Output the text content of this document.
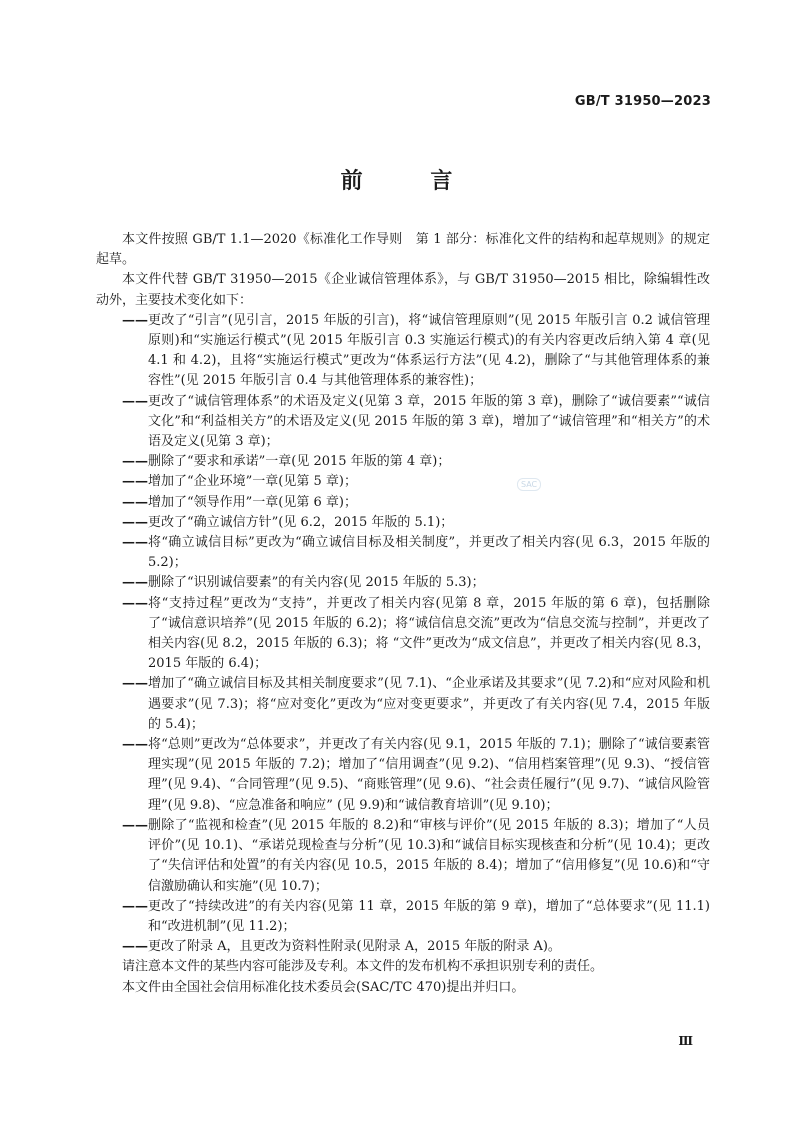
GB/T 31950—2023
前 言

本文件按照 GB/T 1.1—2020《标准化工作导则　第 1 部分：标准化文件的结构和起草规则》的规定起草。

本文件代替 GB/T 31950—2015《企业诚信管理体系》，与 GB/T 31950—2015 相比，除编辑性改动外，主要技术变化如下：

—— 更改了“引言”(见引言，2015 年版的引言)，将“诚信管理原则”(见 2015 年版引言 0.2 诚信管理原则)和“实施运行模式”(见 2015 年版引言 0.3 实施运行模式)的有关内容更改后纳入第 4 章(见 4.1 和 4.2)，且将“实施运行模式”更改为“体系运行方法”(见 4.2)，删除了“与其他管理体系的兼容性”(见 2015 年版引言 0.4 与其他管理体系的兼容性)；

—— 更改了“诚信管理体系”的术语及定义(见第 3 章，2015 年版的第 3 章)，删除了“诚信要素”“诚信文化”和“利益相关方”的术语及定义(见 2015 年版的第 3 章)，增加了“诚信管理”和“相关方”的术语及定义(见第 3 章)；

—— 删除了“要求和承诺”一章(见 2015 年版的第 4 章)；

—— 增加了“企业环境”一章(见第 5 章)；

—— 增加了“领导作用”一章(见第 6 章)；

—— 更改了“确立诚信方针”(见 6.2，2015 年版的 5.1)；

—— 将“确立诚信目标”更改为“确立诚信目标及相关制度”，并更改了相关内容(见 6.3，2015 年版的 5.2)；

—— 删除了“识别诚信要素”的有关内容(见 2015 年版的 5.3)；

—— 将“支持过程”更改为“支持”，并更改了相关内容(见第 8 章，2015 年版的第 6 章)，包括删除了“诚信意识培养”(见 2015 年版的 6.2)；将“诚信信息交流”更改为“信息交流与控制”，并更改了相关内容(见 8.2，2015 年版的 6.3)；将 “文件”更改为“成文信息”，并更改了相关内容(见 8.3，2015 年版的 6.4)；

—— 增加了“确立诚信目标及其相关制度要求”(见 7.1)、“企业承诺及其要求”(见 7.2)和“应对风险和机遇要求”(见 7.3)；将“应对变化”更改为“应对变更要求”，并更改了有关内容(见 7.4，2015 年版的 5.4)；

—— 将“总则”更改为“总体要求”，并更改了有关内容(见 9.1，2015 年版的 7.1)；删除了“诚信要素管理实现”(见 2015 年版的 7.2)；增加了“信用调查”(见 9.2)、“信用档案管理”(见 9.3)、“授信管理”(见 9.4)、“合同管理”(见 9.5)、“商账管理”(见 9.6)、“社会责任履行”(见 9.7)、“诚信风险管理”(见 9.8)、“应急准备和响应” (见 9.9)和“诚信教育培训”(见 9.10)；

—— 删除了“监视和检查”(见 2015 年版的 8.2)和“审核与评价”(见 2015 年版的 8.3)；增加了“人员评价”(见 10.1)、“承诺兑现检查与分析”(见 10.3)和“诚信目标实现核查和分析”(见 10.4)；更改了“失信评估和处置”的有关内容(见 10.5，2015 年版的 8.4)；增加了“信用修复”(见 10.6)和“守信激励确认和实施”(见 10.7)；

—— 更改了“持续改进”的有关内容(见第 11 章，2015 年版的第 9 章)，增加了“总体要求”(见 11.1)和“改进机制”(见 11.2)；

—— 更改了附录 A，且更改为资料性附录(见附录 A，2015 年版的附录 A)。

请注意本文件的某些内容可能涉及专利。本文件的发布机构不承担识别专利的责任。

本文件由全国社会信用标准化技术委员会(SAC/TC 470)提出并归口。

SAC
Ⅲ
